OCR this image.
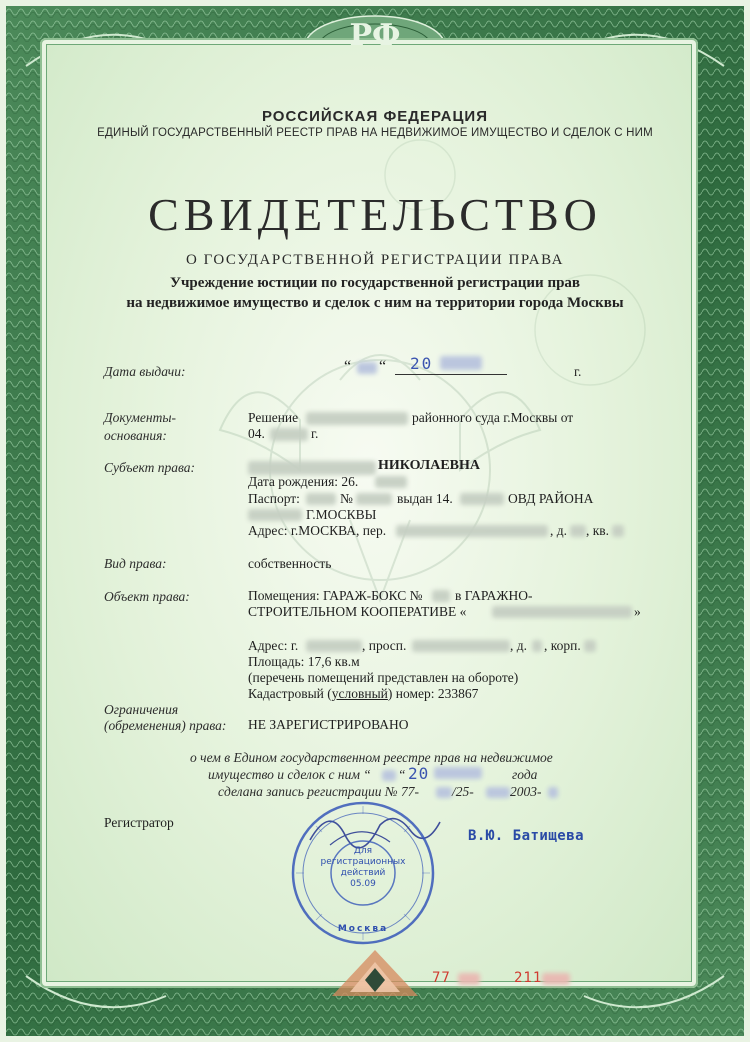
РФ
РОССИЙСКАЯ ФЕДЕРАЦИЯ
ЕДИНЫЙ ГОСУДАРСТВЕННЫЙ РЕЕСТР ПРАВ НА НЕДВИЖИМОЕ ИМУЩЕСТВО И СДЕЛОК С НИМ
СВИДЕТЕЛЬСТВО
О ГОСУДАРСТВЕННОЙ РЕГИСТРАЦИИ ПРАВА
Учреждение юстиции по государственной регистрации прав
на недвижимое имущество и сделок с ним на территории города Москвы
Дата выдачи:	“ “ 20	г.
Документы-
основания:
Решение	районного суда г.Москвы от
04.	г.
Субъект права:	НИКОЛАЕВНА
Дата рождения: 26.
Паспорт:	№	выдан 14.	ОВД РАЙОНА
Г.МОСКВЫ
Адрес: г.МОСКВА, пер.	, д. , кв.
Вид права:	собственность
Объект права:	Помещения: ГАРАЖ-БОКС № в ГАРАЖНО-
СТРОИТЕЛЬНОМ КООПЕРАТИВЕ «	»
Адрес: г.	, просп.	, д. , корп.
Площадь: 17,6 кв.м
(перечень помещений представлен на обороте)
Кадастровый (условный) номер: 233867
Ограничения
(обременения) права: НЕ ЗАРЕГИСТРИРОВАНО
о чем в Едином государственном реестре прав на недвижимое
имущество и сделок с ним “ “ 20	года
сделана запись регистрации № 77- /25-	2003-
Регистратор
В.Ю. Батищева
Для
регистрационных
действий
05.09
Москва
77	211
